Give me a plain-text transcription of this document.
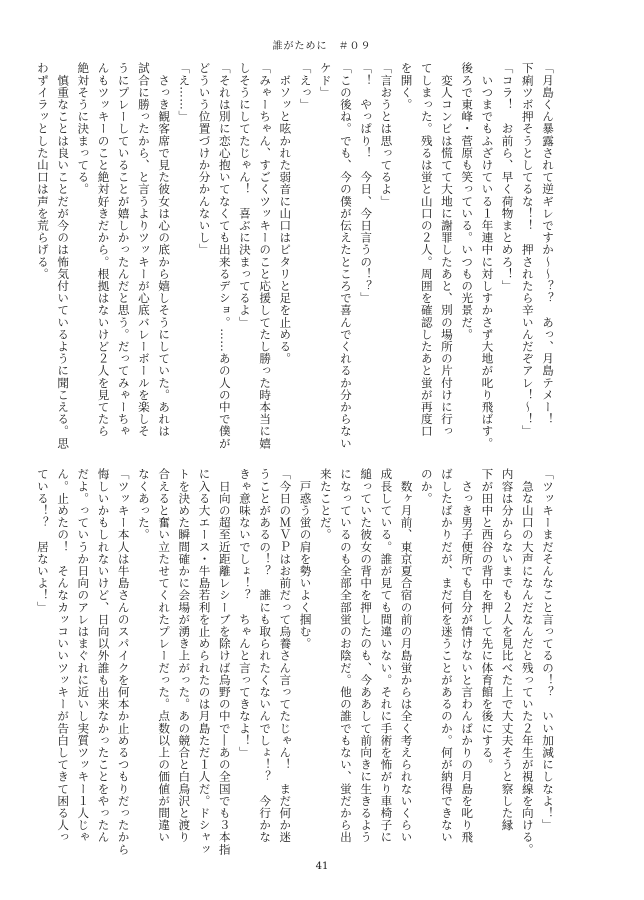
誰がために　＃０９
「月島くん暴露されて逆ギレですか〜〜？？　あっ、月島テメー！
下痢ツボ押そうとしてるな！！　押されたら辛いんだぞアレ！〜！」
「コラ！　お前ら、早く荷物まとめろ！」
　いつまでもふざけている１年連中に対しすかさず大地が叱り飛ばす。
後ろで東峰・菅原も笑っている。いつもの光景だ。
　変人コンビは慌てて大地に謝罪したあと、別の場所の片付けに行っ
てしまった。残るは蛍と山口の２人。周囲を確認したあと蛍が再度口
を開く。
「言おうとは思ってるよ」
「！　やっぱり！　今日、今日言うの！？」
「この後ね。でも、今の僕が伝えたところで喜んでくれるか分からない
ケド」
「えっ」
　ボソッと呟かれた弱音に山口はピタリと足を止める。
「みゃーちゃん、すごくツッキーのこと応援してたし勝った時本当に嬉
しそうにしてたじゃん！　喜ぶに決まってるよ」
「それは別に恋心抱いてなくても出来るデショ。……あの人の中で僕が
どういう位置づけか分かんないし」
「え……」
　さっき観客席で見た彼女は心の底から嬉しそうにしていた。あれは
試合に勝ったから、と言うよりツッキーが心底バレーボールを楽しそ
うにプレーしていることが嬉しかったんだと思う。だってみゃーちゃ
んもツッキーのこと絶対好きだから。根拠はないけど２人を見てたら
絶対そうに決まってる。
　慎重なことは良いことだが今のは怖気付いているように聞こえる。思
わずイラッとした山口は声を荒らげる。
「ツッキーまだそんなこと言ってるの！？　いい加減にしなよ！」
　急な山口の大声になんだなんだと残っていた２年生が視線を向ける。
内容は分からないまでも２人を見比べた上で大丈夫そうと察した縁
下が田中と西谷の背中を押して先に体育館を後にする。
　さっき男子便所でも自分が情けないと言わんばかりの月島を叱り飛
ばしたばかりだが、まだ何を迷うことがあるのか。何が納得できない
のか。
　数ヶ月前、東京夏合宿の前の月島蛍からは全く考えられないくらい
成長している。誰が見ても間違いない。それに手術を怖がり車椅子に
縋っていた彼女の背中を押したのも、今ああして前向きに生きるよう
になっているのも全部全部蛍のお陰だ。他の誰でもない、蛍だから出
来たことだ。
　戸惑う蛍の肩を勢いよく掴む。
「今日のＭＶＰはお前だって烏養さん言ってたじゃん！　まだ何か迷
うことがあるの！？　誰にも取られたくないんでしょ！？　今行かな
きゃ意味ないでしょ！？　ちゃんと言ってきなよ！」
　日向の超至近距離レシーブを除けば烏野の中で―あの全国でも３本指
に入る大エース・牛島若利を止められたのは月島ただ１人だ。ドシャッ
トを決めた瞬間確かに会場が湧き上がった。あの競合と白鳥沢と渡り
合えると奮い立たせてくれたプレーだった。点数以上の価値が間違い
なくあった。
「ツッキー本人は牛島さんのスパイクを何本か止めるつもりだったから
悔しいかもしれないけど、日向以外誰も出来なかったことをやったん
だよ。っていうか日向のアレはまぐれに近いし実質ツッキー１人じゃ
ん。止めたの！　そんなカッコいいツッキーが告白してきて困る人っ
ている！？　居ないよ！」
41
